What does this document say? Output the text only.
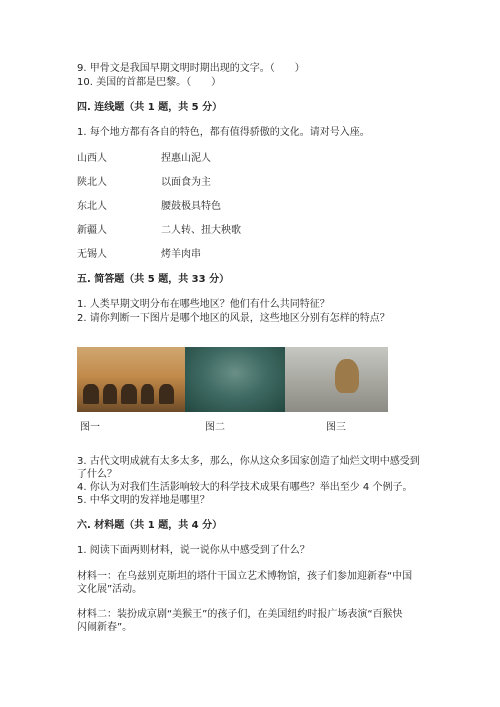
9. 甲骨文是我国早期文明时期出现的文字。（　　）
10. 美国的首都是巴黎。（　　）
四. 连线题（共 1 题，共 5 分）
1. 每个地方都有各自的特色，都有值得骄傲的文化。请对号入座。
山西人	捏惠山泥人
陕北人	以面食为主
东北人	腰鼓极具特色
新疆人	二人转、扭大秧歌
无锡人	烤羊肉串
五. 简答题（共 5 题，共 33 分）
1. 人类早期文明分布在哪些地区？他们有什么共同特征？
2. 请你判断一下图片是哪个地区的风景，这些地区分别有怎样的特点？
图一	图二	图三
3. 古代文明成就有太多太多，那么，你从这众多国家创造了灿烂文明中感受到
了什么？
4. 你认为对我们生活影响较大的科学技术成果有哪些？举出至少 4 个例子。
5. 中华文明的发祥地是哪里？
六. 材料题（共 1 题，共 4 分）
1. 阅读下面两则材料，说一说你从中感受到了什么？
材料一：在乌兹别克斯坦的塔什干国立艺术博物馆，孩子们参加迎新春“中国
文化展”活动。
材料二：装扮成京剧“美猴王”的孩子们，在美国纽约时报广场表演“百猴快
闪闹新春”。
